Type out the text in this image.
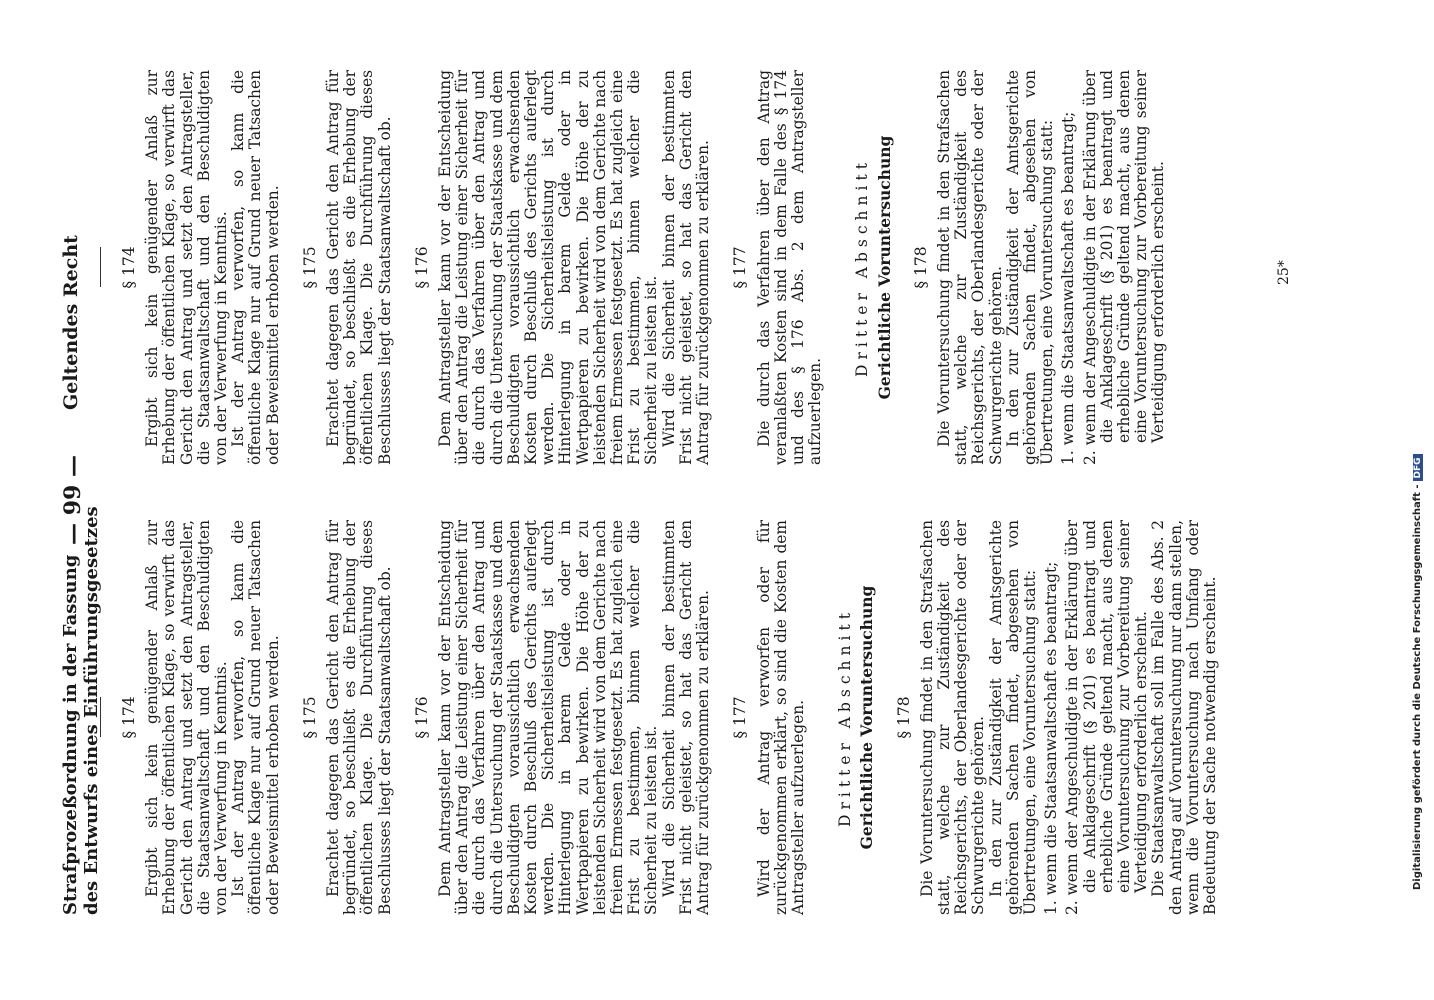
Strafprozeßordnung in der Fassung des Entwurfs eines Einführungsgesetzes
— 99 —
Geltendes Recht
§ 174 Ergibt sich kein genügender Anlaß zur Erhebung der öffentlichen Klage, so verwirft das Gericht den Antrag und setzt den Antragsteller, die Staatsanwaltschaft und den Beschuldigten von der Verwerfung in Kenntnis. Ist der Antrag verworfen, so kann die öffentliche Klage nur auf Grund neuer Tatsachen oder Beweismittel erhoben werden. § 175 Erachtet dagegen das Gericht den Antrag für begründet, so beschließt es die Erhebung der öffentlichen Klage. Die Durchführung dieses Beschlusses liegt der Staatsanwaltschaft ob. § 176 Dem Antragsteller kann vor der Entscheidung über den Antrag die Leistung einer Sicherheit für die durch das Verfahren über den Antrag und durch die Untersuchung der Staatskasse und dem Beschuldigten voraussichtlich erwachsenden Kosten durch Beschluß des Gerichts auferlegt werden. Die Sicherheitsleistung ist durch Hinterlegung in barem Gelde oder in Wertpapieren zu bewirken. Die Höhe der zu leistenden Sicherheit wird von dem Gerichte nach freiem Ermessen festgesetzt. Es hat zugleich eine Frist zu bestimmen, binnen welcher die Sicherheit zu leisten ist. Wird die Sicherheit binnen der bestimmten Frist nicht geleistet, so hat das Gericht den Antrag für zurückgenommen zu erklären. § 177 Wird der Antrag verworfen oder für zurückgenommen erklärt, so sind die Kosten dem Antragsteller aufzuerlegen. Dritter Abschnitt Gerichtliche Voruntersuchung § 178 Die Voruntersuchung findet in den Strafsachen statt, welche zur Zuständigkeit des Reichsgerichts, der Oberlandesgerichte oder der Schwurgerichte gehören. In den zur Zuständigkeit der Amtsgerichte gehörenden Sachen findet, abgesehen von Übertretungen, eine Voruntersuchung statt: 1. wenn die Staatsanwaltschaft es beantragt; 2. wenn der Angeschuldigte in der Erklärung über die Anklageschrift (§ 201) es beantragt und erhebliche Gründe geltend macht, aus denen eine Voruntersuchung zur Vorbereitung seiner Verteidigung erforderlich erscheint. Die Staatsanwaltschaft soll im Falle des Abs. 2 den Antrag auf Voruntersuchung nur dann stellen, wenn die Voruntersuchung nach Umfang oder Bedeutung der Sache notwendig erscheint.

§ 174 Ergibt sich kein genügender Anlaß zur Erhebung der öffentlichen Klage, so verwirft das Gericht den Antrag und setzt den Antragsteller, die Staatsanwaltschaft und den Beschuldigten von der Verwerfung in Kenntnis. Ist der Antrag verworfen, so kann die öffentliche Klage nur auf Grund neuer Tatsachen oder Beweismittel erhoben werden. § 175 Erachtet dagegen das Gericht den Antrag für begründet, so beschließt es die Erhebung der öffentlichen Klage. Die Durchführung dieses Beschlusses liegt der Staatsanwaltschaft ob. § 176 Dem Antragsteller kann vor der Entscheidung über den Antrag die Leistung einer Sicherheit für die durch das Verfahren über den Antrag und durch die Untersuchung der Staatskasse und dem Beschuldigten voraussichtlich erwachsenden Kosten durch Beschluß des Gerichts auferlegt werden. Die Sicherheitsleistung ist durch Hinterlegung in barem Gelde oder in Wertpapieren zu bewirken. Die Höhe der zu leistenden Sicherheit wird von dem Gerichte nach freiem Ermessen festgesetzt. Es hat zugleich eine Frist zu bestimmen, binnen welcher die Sicherheit zu leisten ist. Wird die Sicherheit binnen der bestimmten Frist nicht geleistet, so hat das Gericht den Antrag für zurückgenommen zu erklären. § 177 Die durch das Verfahren über den Antrag veranlaßten Kosten sind in dem Falle des § 174 und des § 176 Abs. 2 dem Antragsteller aufzuerlegen.

Dritter Abschnitt Gerichtliche Voruntersuchung § 178 Die Voruntersuchung findet in den Strafsachen statt, welche zur Zuständigkeit des Reichsgerichts, der Oberlandesgerichte oder der Schwurgerichte gehören. In den zur Zuständigkeit der Amtsgerichte gehörenden Sachen findet, abgesehen von Übertretungen, eine Voruntersuchung statt: 1. wenn die Staatsanwaltschaft es beantragt; 2. wenn der Angeschuldigte in der Erklärung über die Anklageschrift (§ 201) es beantragt und erhebliche Gründe geltend macht, aus denen eine Voruntersuchung zur Vorbereitung seiner Verteidigung erforderlich erscheint.	25*
Digitalisierung gefördert durch die Deutsche Forschungsgemeinschaft -DFG
